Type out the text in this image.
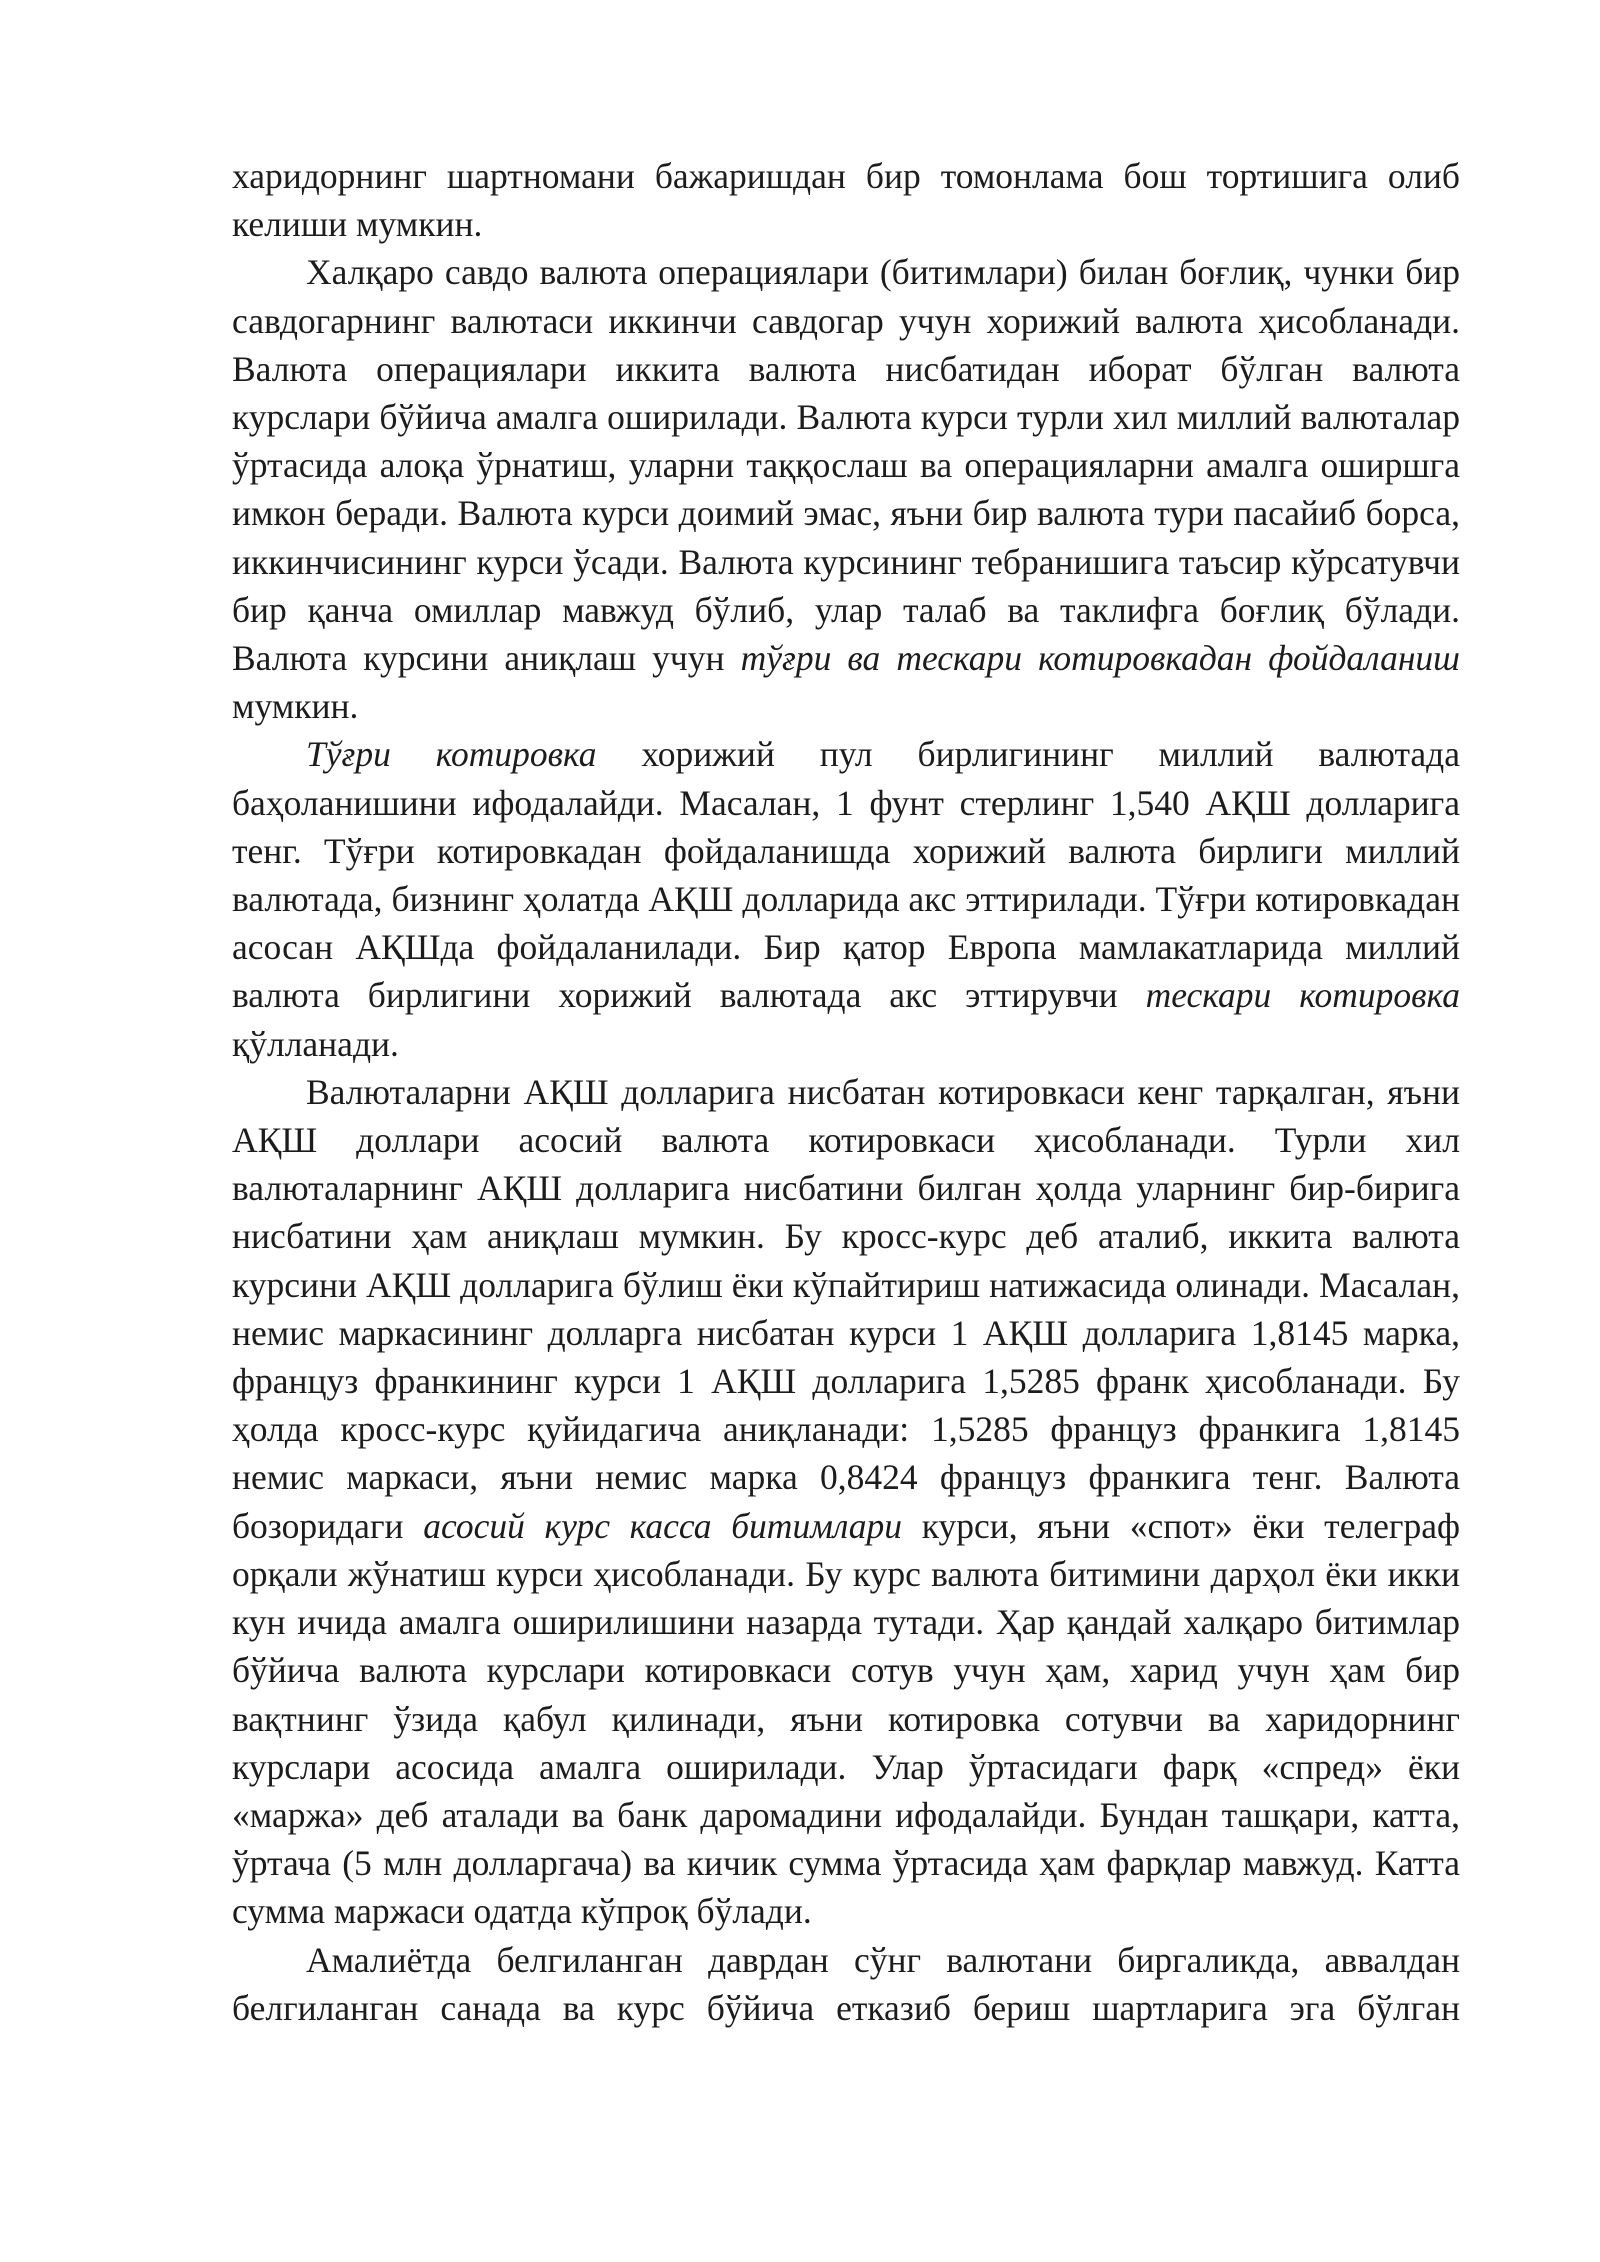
харидорнинг шартномани бажаришдан бир томонлама бош тортишига олиб келиши мумкин.

Халқаро савдо валюта операциялари (битимлари) билан боғлиқ, чунки бир савдогарнинг валютаси иккинчи савдогар учун хорижий валюта ҳисобланади. Валюта операциялари иккита валюта нисбатидан иборат бўлган валюта курслари бўйича амалга оширилади. Валюта курси турли хил миллий валюталар ўртасида алоқа ўрнатиш, уларни таққослаш ва операцияларни амалга оширшга имкон беради. Валюта курси доимий эмас, яъни бир валюта тури пасайиб борса, иккинчисининг курси ўсади. Валюта курсининг тебранишига таъсир кўрсатувчи бир қанча омиллар мавжуд бўлиб, улар талаб ва таклифга боғлиқ бўлади. Валюта курсини аниқлаш учун тўғри ва тескари котировкадан фойдаланиш мумкин.

Тўғри котировка хорижий пул бирлигининг миллий валютада баҳоланишини ифодалайди. Масалан, 1 фунт стерлинг 1,540 АҚШ долларига тенг. Тўғри котировкадан фойдаланишда хорижий валюта бирлиги миллий валютада, бизнинг ҳолатда АҚШ долларида акс эттирилади. Тўғри котировкадан асосан АҚШда фойдаланилади. Бир қатор Европа мамлакатларида миллий валюта бирлигини хорижий валютада акс эттирувчи тескари котировка қўлланади.

Валюталарни АҚШ долларига нисбатан котировкаси кенг тарқалган, яъни АҚШ доллари асосий валюта котировкаси ҳисобланади. Турли хил валюталарнинг АҚШ долларига нисбатини билган ҳолда уларнинг бир-бирига нисбатини ҳам аниқлаш мумкин. Бу кросс-курс деб аталиб, иккита валюта курсини АҚШ долларига бўлиш ёки кўпайтириш натижасида олинади. Масалан, немис маркасининг долларга нисбатан курси 1 АҚШ долларига 1,8145 марка, француз франкининг курси 1 АҚШ долларига 1,5285 франк ҳисобланади. Бу ҳолда кросс-курс қуйидагича аниқланади: 1,5285 француз франкига 1,8145 немис маркаси, яъни немис марка 0,8424 француз франкига тенг. Валюта бозоридаги асосий курс касса битимлари курси, яъни «спот» ёки телеграф орқали жўнатиш курси ҳисобланади. Бу курс валюта битимини дарҳол ёки икки кун ичида амалга оширилишини назарда тутади. Ҳар қандай халқаро битимлар бўйича валюта курслари котировкаси сотув учун ҳам, харид учун ҳам бир вақтнинг ўзида қабул қилинади, яъни котировка сотувчи ва харидорнинг курслари асосида амалга оширилади. Улар ўртасидаги фарқ «спред» ёки «маржа» деб аталади ва банк даромадини ифодалайди. Бундан ташқари, катта, ўртача (5 млн долларгача) ва кичик сумма ўртасида ҳам фарқлар мавжуд. Катта сумма маржаси одатда кўпроқ бўлади.

Амалиётда белгиланган даврдан сўнг валютани биргаликда, аввалдан белгиланган санада ва курс бўйича етказиб бериш шартларига эга бўлган
